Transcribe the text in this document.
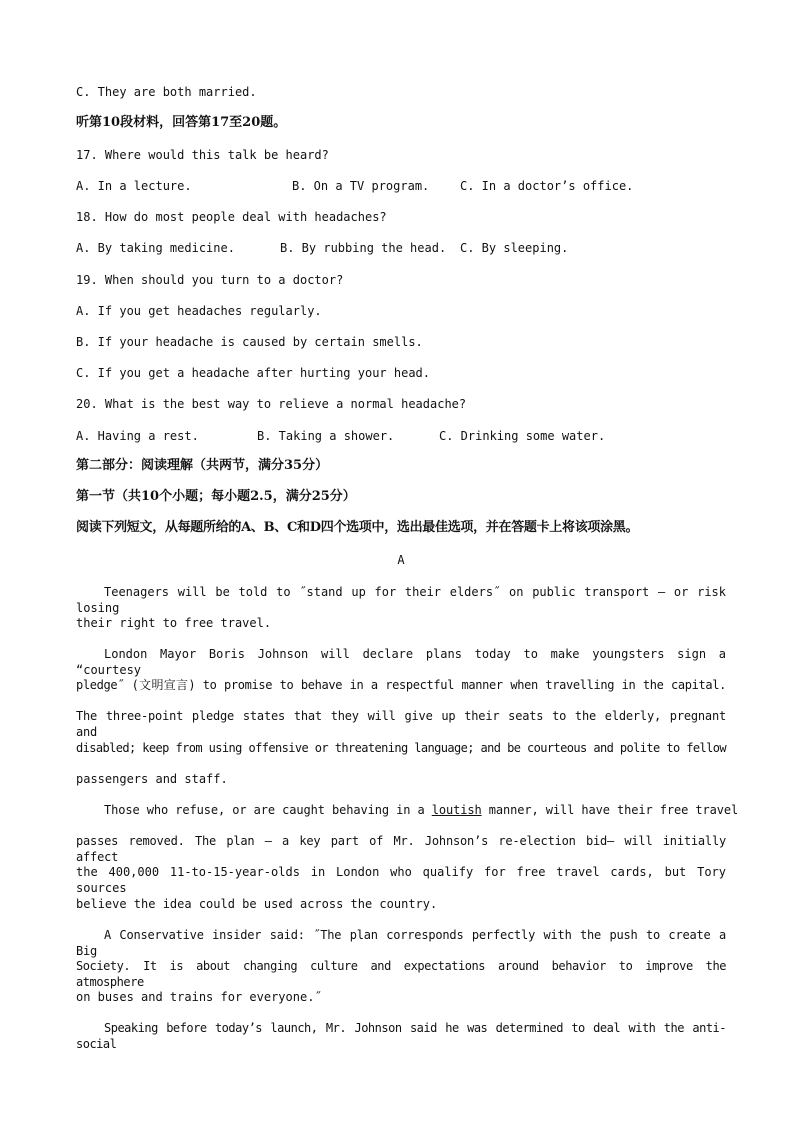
C. They are both married.
听第10段材料，回答第17至20题。
17. Where would this talk be heard?

A. In a lecture.

	B. On a TV program.

	C. In a doctor’s office.

18. How do most people deal with headaches?

A. By taking medicine.

	B. By rubbing the head.

C. By sleeping.

19. When should you turn to a doctor?
A. If you get headaches regularly.
B. If your headache is caused by certain smells.
C. If you get a headache after hurting your head.
20. What is the best way to relieve a normal headache?

A. Having a rest.

	B. Taking a shower.

	C. Drinking some water.

第二部分：阅读理解（共两节，满分35分）
第一节（共10个小题；每小题2.5，满分25分）
阅读下列短文，从每题所给的A、B、C和D四个选项中，选出最佳选项，并在答题卡上将该项涂黑。
A
Teenagers will be told to ˝stand up for their elders˝ on public transport — or risk losing
their right to free travel.
London Mayor Boris Johnson will declare plans today to make youngsters sign a “courtesy
pledge˝ (文明宣言) to promise to behave in a respectful manner when travelling in the capital.
The three-point pledge states that they will give up their seats to the elderly, pregnant and
disabled; keep from using offensive or threatening language; and be courteous and polite to fellow
passengers and staff.
Those who refuse, or are caught behaving in a loutish manner, will have their free travel
passes removed. The plan — a key part of Mr. Johnson’s re-election bid— will initially affect
the 400,000 11-to-15-year-olds in London who qualify for free travel cards, but Tory sources
believe the idea could be used across the country.
A Conservative insider said: ˝The plan corresponds perfectly with the push to create a Big
Society. It is about changing culture and expectations around behavior to improve the atmosphere
on buses and trains for everyone.˝
Speaking before today’s launch, Mr. Johnson said he was determined to deal with the anti-social
